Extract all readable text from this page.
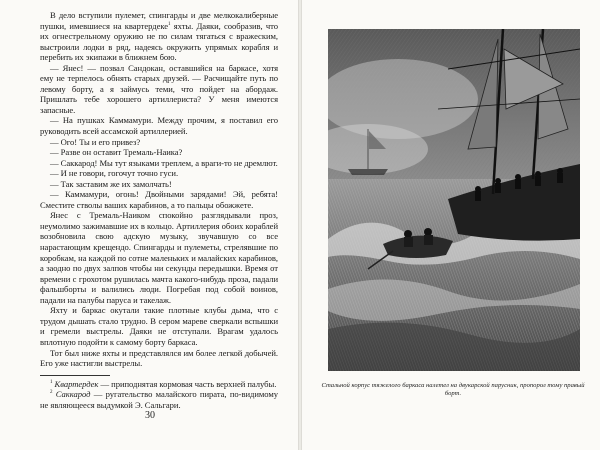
В дело вступили пулемет, спингарды и две мелкокалиберные пушки, имевшиеся на квартердеке$^1$ яхты. Даяки, сообразив, что их огнестрельному оружию не по силам тягаться с вражеским, выстроили лодки в ряд, надеясь окружить упрямых корабля и перебить их экипажи в ближнем бою.

— Янес! — позвал Сандокан, оставшийся на баркасе, хотя ему не терпелось обнять старых друзей. — Расчищайте путь по левому борту, а я займусь теми, что пойдет на абордаж. Пришлать тебе хорошего артиллериста? У меня имеются запасные.

— На пушках Каммамури. Между прочим, я поставил его руководить всей ассамской артиллерией.

— Ого! Ты и его привез?

— Разве он оставит Тремаль-Наика?

— Саккарод! Мы тут языками треплем, а враги-то не дремлют.

— И не говори, гогочут точно гуси.

— Так заставим же их замолчать!

— Каммамури, огонь! Двойными зарядами! Эй, ребята! Сместите стволы ваших карабинов, а то пальцы обожжете.

Янес с Тремаль-Наиком спокойно разглядывали проз, неумолимо зажимавшие их в кольцо. Артиллерия обоих кораблей возобновила свою адскую музыку, звучавшую со все нарастающим крещендо. Спингарды и пулеметы, стрелявшие по коробкам, на каждой по сотне маленьких и малайских карабинов, а заодно по двух залпов чтобы ни секунды передышки. Время от времени с грохотом рушилась мачта какого-нибудь проза, падали фальшборты и валились люди. Погребая под собой воинов, падали на палубы паруса и такелаж.

Яхту и баркас окутали такие плотные клубы дыма, что с трудом дышать стало трудно. В сером мареве сверкали вспышки и гремели выстрелы. Даяки не отступали. Врагам удалось вплотную подойти к самому борту баркаса.

Тот был ниже яхты и представлялся им более легкой добычей. Его уже настигли выстрелы.

$^1$ Квартердек — приподнятая кормовая часть верхней палубы.

$^2$ Саккарод — ругательство малайского пирата, по-видимому не являющееся выдумкой Э. Сальгари.

30
Стальной корпус тяжелого баркаса налетел на двукарской парусник, пропорол тому правый борт.
